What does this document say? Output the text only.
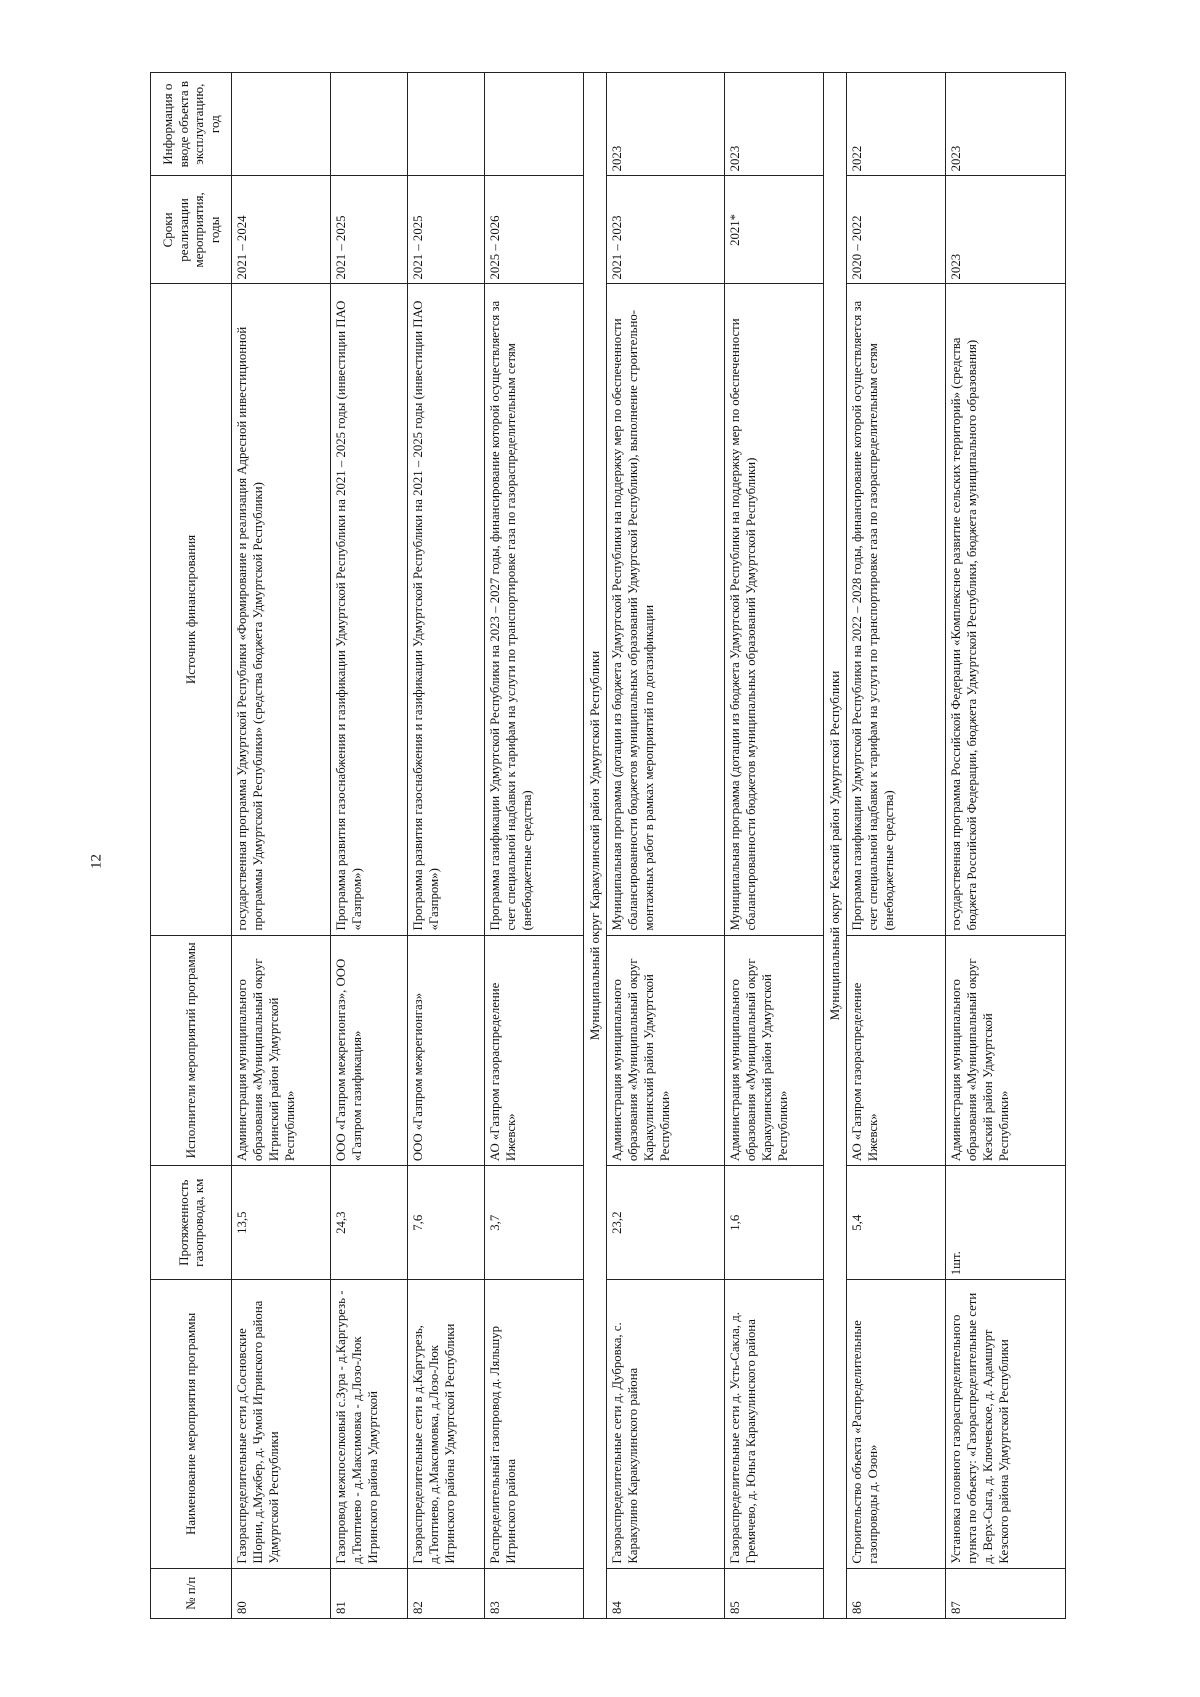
12
№ п/п	Наименование мероприятия программы	Протяженность газопровода, км	Исполнители мероприятий программы	Источник финансирования	Сроки реализации мероприятия, годы	Информация о вводе объекта в эксплуатацию, год
80	Газораспределительные сети д.Сосновские Шорни, д.Мужбер, д. Чумой Игринского района Удмуртской Республики	13,5	Администрация муниципального образования «Муниципальный округ Игринский район Удмуртской Республики»	государственная программа Удмуртской Республики «Формирование и реализация Адресной инвестиционной программы Удмуртской Республики» (средства бюджета Удмуртской Республики)	2021 – 2024	
81	Газопровод межпоселковый с.Зура - д.Каргурезь - д.Тюптиево - д.Максимовка - д.Лозо-Люк Игринского района Удмуртской	24,3	ООО «Газпром межрегионгаз», ООО «Газпром газификация»	Программа развития газоснабжения и газификации Удмуртской Республики на 2021 – 2025 годы (инвестиции ПАО «Газпром»)	2021 – 2025	
82	Газораспределительные сети в д.Каргурезь, д.Тюптиево, д.Максимовка, д.Лозо-Люк Игринского района Удмуртской Республики	7,6	ООО «Газпром межрегионгаз»	Программа развития газоснабжения и газификации Удмуртской Республики на 2021 – 2025 годы (инвестиции ПАО «Газпром»)	2021 – 2025	
83	Распределительный газопровод д. Ляльшур Игринского района	3,7	АО «Газпром газораспределение Ижевск»	Программа газификации Удмуртской Республики на 2023 – 2027 годы, финансирование которой осуществляется за счет специальной надбавки к тарифам на услуги по транспортировке газа по газораспределительным сетям (внебюджетные средства)	2025 – 2026	
Муниципальный округ Каракулинский район Удмуртской Республики						
84	Газораспределительные сети д. Дубровка, с. Каракулино Каракулинского района	23,2	Администрация муниципального образования «Муниципальный округ Каракулинский район Удмуртской Республики»	Муниципальная программа (дотации из бюджета Удмуртской Республики на поддержку мер по обеспеченности сбалансированности бюджетов муниципальных образований Удмуртской Республики), выполнение строительно-монтажных работ в рамках мероприятий по догазификации	2021 – 2023	2023
85	Газораспределительные сети д. Усть-Сакла, д. Гремячево, д. Юньга Каракулинского района	1,6	Администрация муниципального образования «Муниципальный округ Каракулинский район Удмуртской Республики»	Муниципальная программа (дотации из бюджета Удмуртской Республики на поддержку мер по обеспеченности сбалансированности бюджетов муниципальных образований Удмуртской Республики)	2021*	2023
Муниципальный округ Кезский район Удмуртской Республики						
86	Строительство объекта «Распределительные газопроводы д. Озон»	5,4	АО «Газпром газораспределение Ижевск»	Программа газификации Удмуртской Республики на 2022 – 2028 годы, финансирование которой осуществляется за счет специальной надбавки к тарифам на услуги по транспортировке газа по газораспределительным сетям (внебюджетные средства)	2020 – 2022	2022
87	Установка головного газораспределительного пункта по объекту: «Газораспределительные сети д. Верх-Сыга, д. Ключевское, д. Адамшурт Кезского района Удмуртской Республики	1шт.	Администрация муниципального образования «Муниципальный округ Кезский район Удмуртской Республики»	государственная программа Российской Федерации «Комплексное развитие сельских территорий» (средства бюджета Российской Федерации, бюджета Удмуртской Республики, бюджета муниципального образования)	2023	2023
